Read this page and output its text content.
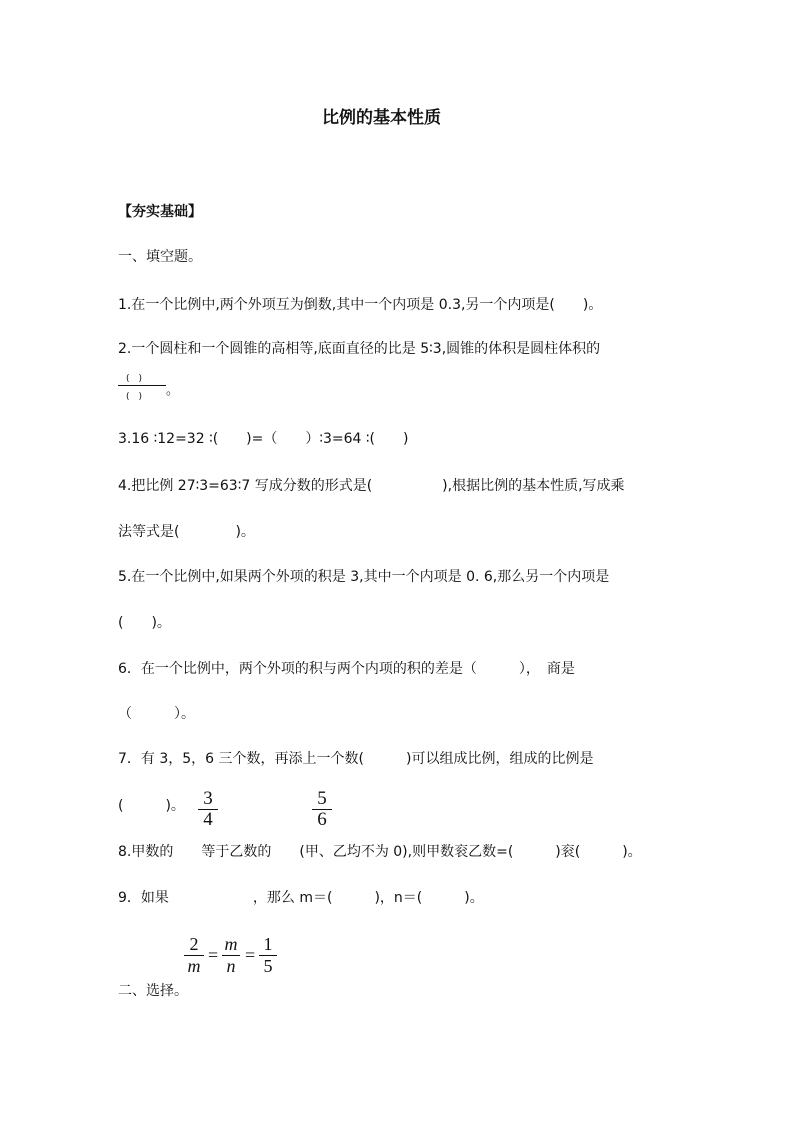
比例的基本性质
【夯实基础】
一、填空题。
1.在一个比例中,两个外项互为倒数,其中一个内项是 0.3,另一个内项是(　　)。
2.一个圆柱和一个圆锥的高相等,底面直径的比是 5∶3,圆锥的体积是圆柱体积的
(　)
(　) 。
3.16 ∶12=32 ∶(　　)=（　　）∶3=64 ∶(　　)
4.把比例 27∶3=63∶7 写成分数的形式是(　　　　　),根据比例的基本性质,写成乘
法等式是(　　　　)。
5.在一个比例中,如果两个外项的积是 3,其中一个内项是 0. 6,那么另一个内项是
(　　)。
6．在一个比例中，两个外项的积与两个内项的积的差是（　　　），　商是
（　　　）。
7．有 3，5，6 三个数，再添上一个数(　　　)可以组成比例，组成的比例是
(　　　)。 3
4
5
6
8.甲数的　　等于乙数的　　(甲、乙均不为 0),则甲数衮乙数=(　　　)衮(　　　)。
9．如果　　　　　　，那么 m＝(　　　)，n＝(　　　)。
2
m
=
m
n
=
1
5
二、选择。
